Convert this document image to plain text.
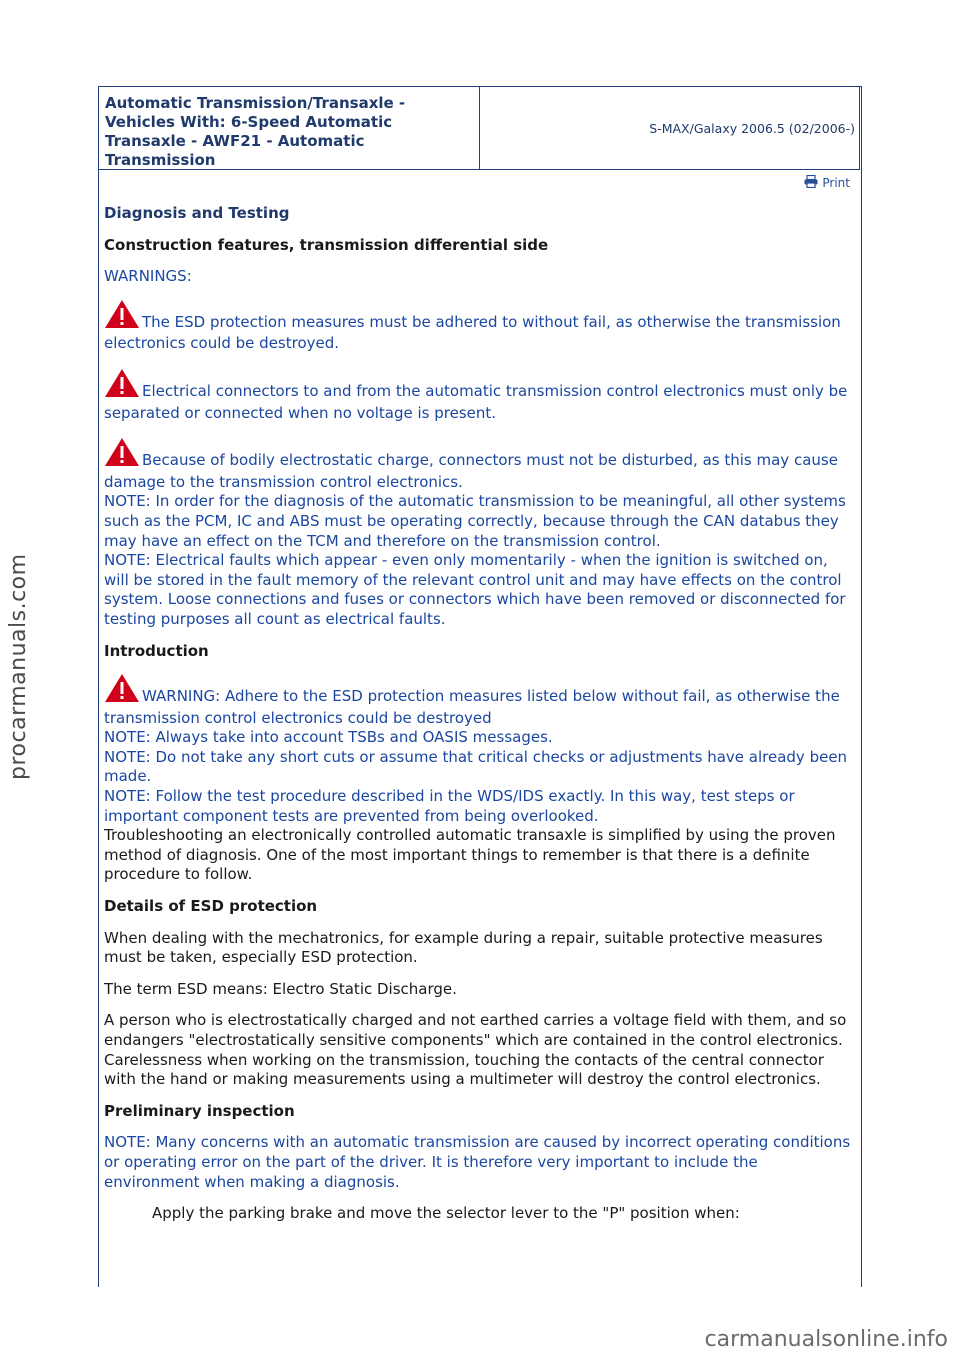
Automatic Transmission/Transaxle - Vehicles With: 6-Speed Automatic Transaxle - AWF21 - Automatic Transmission
S-MAX/Galaxy 2006.5 (02/2006-)
Print

Diagnosis and Testing

Construction features, transmission differential side

WARNINGS:

The ESD protection measures must be adhered to without fail, as otherwise the transmission electronics could be destroyed.
Electrical connectors to and from the automatic transmission control electronics must only be separated or connected when no voltage is present.
Because of bodily electrostatic charge, connectors must not be disturbed, as this may cause damage to the transmission control electronics.

NOTE: In order for the diagnosis of the automatic transmission to be meaningful, all other systems such as the PCM, IC and ABS must be operating correctly, because through the CAN databus they may have an effect on the TCM and therefore on the transmission control.

NOTE: Electrical faults which appear - even only momentarily - when the ignition is switched on, will be stored in the fault memory of the relevant control unit and may have effects on the control system. Loose connections and fuses or connectors which have been removed or disconnected for testing purposes all count as electrical faults.

Introduction

WARNING: Adhere to the ESD protection measures listed below without fail, as otherwise the transmission control electronics could be destroyed

NOTE: Always take into account TSBs and OASIS messages.

NOTE: Do not take any short cuts or assume that critical checks or adjustments have already been made.

NOTE: Follow the test procedure described in the WDS/IDS exactly. In this way, test steps or important component tests are prevented from being overlooked.

Troubleshooting an electronically controlled automatic transaxle is simplified by using the proven method of diagnosis. One of the most important things to remember is that there is a definite procedure to follow.

Details of ESD protection

When dealing with the mechatronics, for example during a repair, suitable protective measures must be taken, especially ESD protection.

The term ESD means: Electro Static Discharge.

A person who is electrostatically charged and not earthed carries a voltage field with them, and so endangers "electrostatically sensitive components" which are contained in the control electronics. Carelessness when working on the transmission, touching the contacts of the central connector with the hand or making measurements using a multimeter will destroy the control electronics.

Preliminary inspection

NOTE: Many concerns with an automatic transmission are caused by incorrect operating conditions or operating error on the part of the driver. It is therefore very important to include the environment when making a diagnosis.

Apply the parking brake and move the selector lever to the "P" position when:

procarmanuals.com
carmanualsonline.info
